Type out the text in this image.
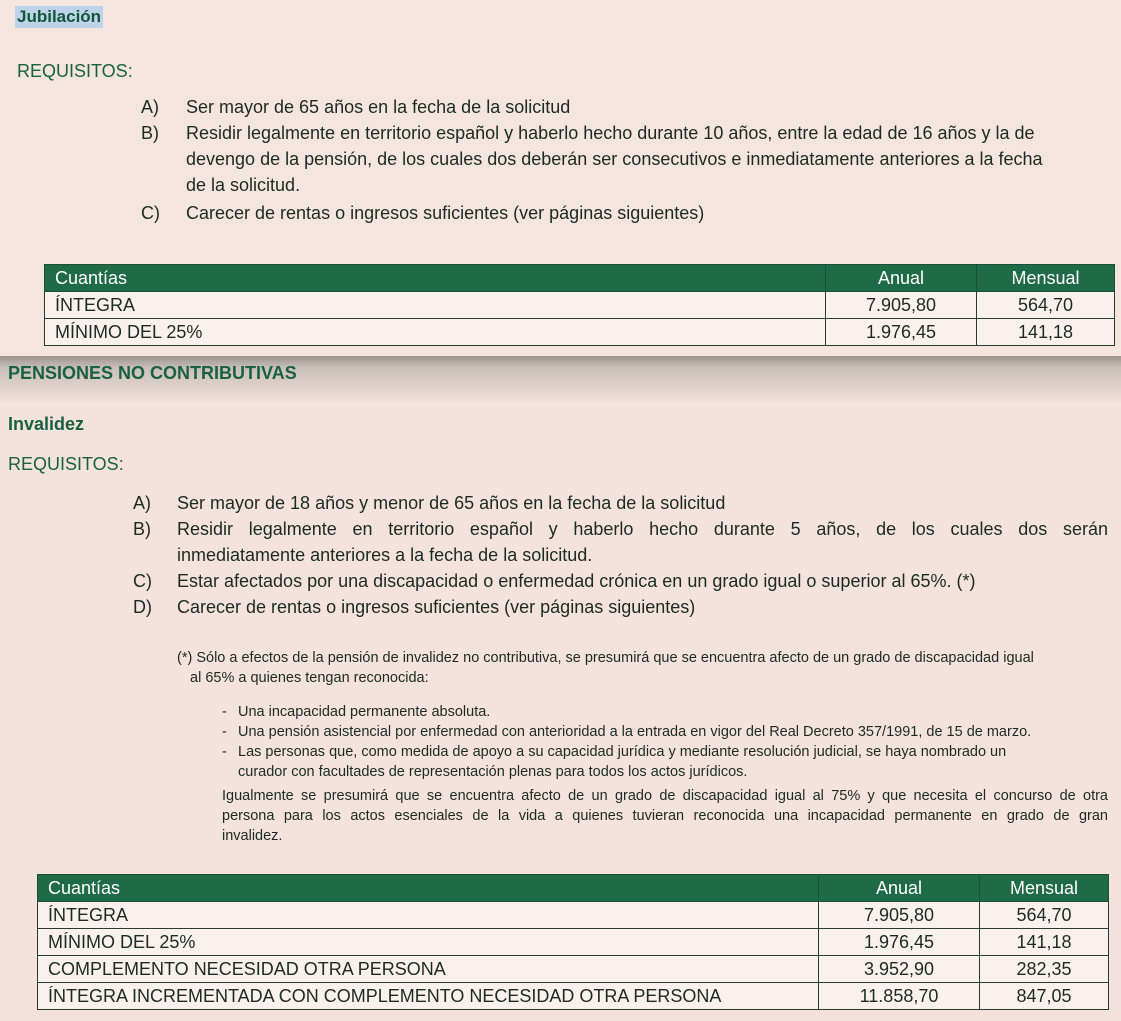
Jubilación
REQUISITOS:
A) Ser mayor de 65 años en la fecha de la solicitud
B) Residir legalmente en territorio español y haberlo hecho durante 10 años, entre la edad de 16 años y la de
devengo de la pensión, de los cuales dos deberán ser consecutivos e inmediatamente anteriores a la fecha
de la solicitud.
C) Carecer de rentas o ingresos suficientes (ver páginas siguientes)
Cuantías	Anual	Mensual
ÍNTEGRA	7.905,80	564,70
MÍNIMO DEL 25%	1.976,45	141,18
PENSIONES NO CONTRIBUTIVAS
Invalidez
REQUISITOS:
A) Ser mayor de 18 años y menor de 65 años en la fecha de la solicitud
B) Residir legalmente en territorio español y haberlo hecho durante 5 años, de los cuales dos serán
inmediatamente anteriores a la fecha de la solicitud.
C) Estar afectados por una discapacidad o enfermedad crónica en un grado igual o superior al 65%. (*)
D) Carecer de rentas o ingresos suficientes (ver páginas siguientes)
(*) Sólo a efectos de la pensión de invalidez no contributiva, se presumirá que se encuentra afecto de un grado de discapacidad igual
al 65% a quienes tengan reconocida:
- Una incapacidad permanente absoluta.
- Una pensión asistencial por enfermedad con anterioridad a la entrada en vigor del Real Decreto 357/1991, de 15 de marzo.
- Las personas que, como medida de apoyo a su capacidad jurídica y mediante resolución judicial, se haya nombrado un
curador con facultades de representación plenas para todos los actos jurídicos.
Igualmente se presumirá que se encuentra afecto de un grado de discapacidad igual al 75% y que necesita el concurso de otra
persona para los actos esenciales de la vida a quienes tuvieran reconocida una incapacidad permanente en grado de gran
invalidez.
Cuantías	Anual	Mensual
ÍNTEGRA	7.905,80	564,70
MÍNIMO DEL 25%	1.976,45	141,18
COMPLEMENTO NECESIDAD OTRA PERSONA	3.952,90	282,35
ÍNTEGRA INCREMENTADA CON COMPLEMENTO NECESIDAD OTRA PERSONA	11.858,70	847,05
